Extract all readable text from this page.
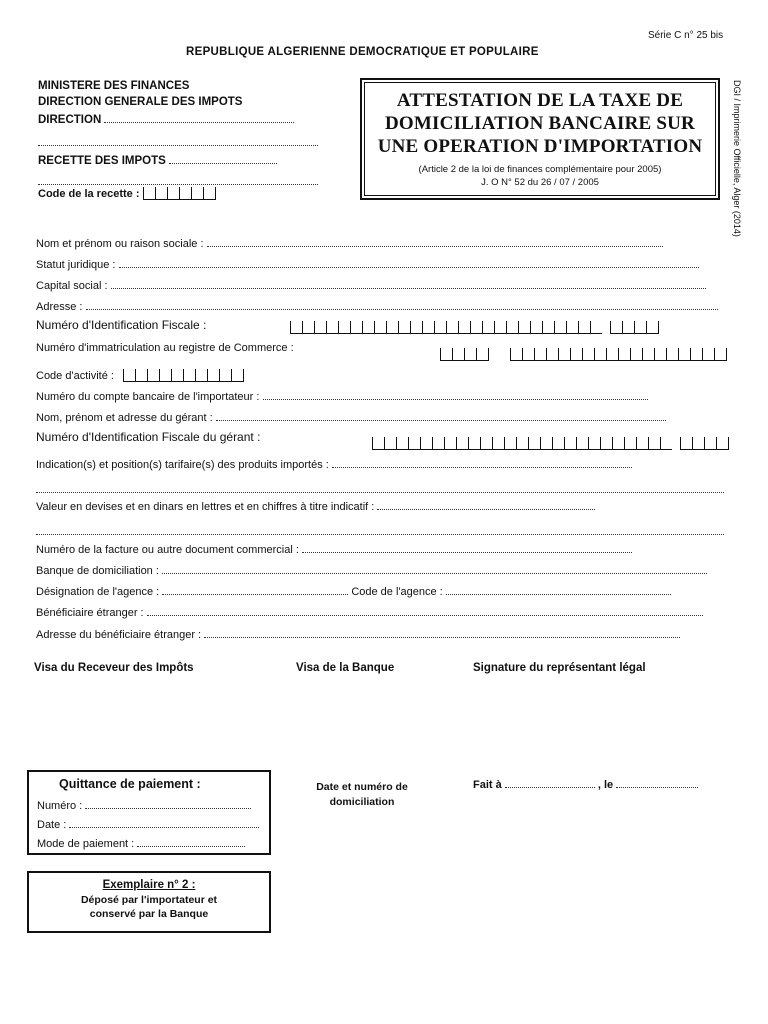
Série C n° 25 bis
REPUBLIQUE ALGERIENNE DEMOCRATIQUE ET POPULAIRE
MINISTERE DES FINANCES
DIRECTION GENERALE DES IMPOTS
DIRECTION
RECETTE DES IMPOTS
Code de la recette :
ATTESTATION DE LA TAXE DE
DOMICILIATION BANCAIRE SUR
UNE OPERATION D'IMPORTATION
(Article 2 de la loi de finances complémentaire pour 2005)
J. O N° 52 du 26 / 07 / 2005	DGI / Imprimerie Officielle, Alger (2014)
Nom et prénom ou raison sociale :
Statut juridique :
Capital social :
Adresse :
Numéro d'Identification Fiscale :
Numéro d'immatriculation au registre de Commerce :
Code d'activité :
Numéro du compte bancaire de l'importateur :
Nom, prénom et adresse du gérant :
Numéro d'Identification Fiscale du gérant :
Indication(s) et position(s) tarifaire(s) des produits importés :
Valeur en devises et en dinars en lettres et en chiffres à titre indicatif :
Numéro de la facture ou autre document commercial :
Banque de domiciliation :
Désignation de l'agence :	Code de l'agence :
Bénéficiaire étranger :
Adresse du bénéficiaire étranger :
Visa du Receveur des Impôts	Visa de la Banque	Signature du représentant légal
Quittance de paiement :
Numéro :
Date :
Mode de paiement :
Date et numéro de
domiciliation
Fait à	, le
Exemplaire n° 2 :
Déposé par l'importateur et
conservé par la Banque
